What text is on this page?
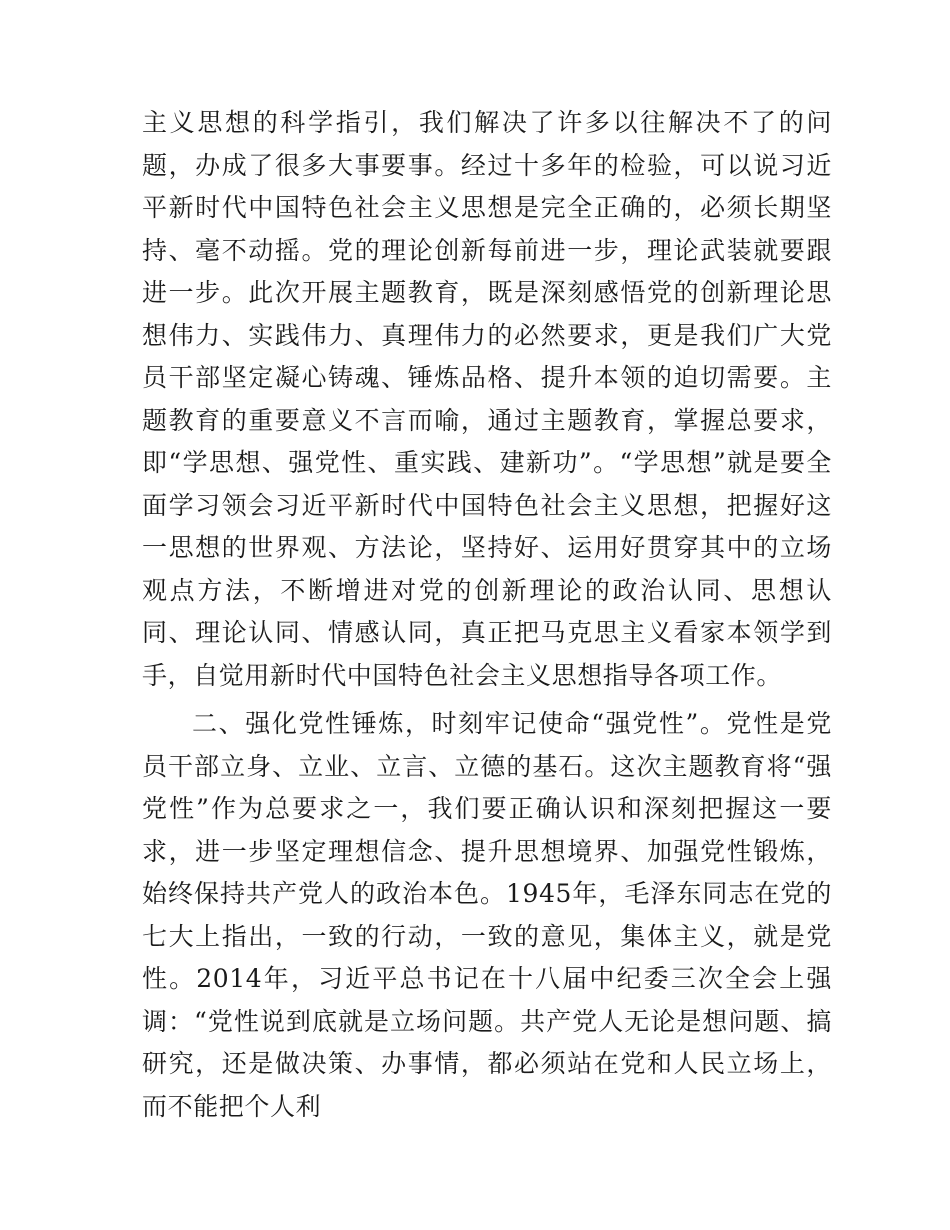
主义思想的科学指引，我们解决了许多以往解决不了的问题，办成了很多大事要事。经过十多年的检验，可以说习近平新时代中国特色社会主义思想是完全正确的，必须长期坚持、毫不动摇。党的理论创新每前进一步，理论武装就要跟进一步。此次开展主题教育，既是深刻感悟党的创新理论思想伟力、实践伟力、真理伟力的必然要求，更是我们广大党员干部坚定凝心铸魂、锤炼品格、提升本领的迫切需要。主题教育的重要意义不言而喻，通过主题教育，掌握总要求，即“学思想、强党性、重实践、建新功”。“学思想”就是要全面学习领会习近平新时代中国特色社会主义思想，把握好这一思想的世界观、方法论，坚持好、运用好贯穿其中的立场观点方法，不断增进对党的创新理论的政治认同、思想认同、理论认同、情感认同，真正把马克思主义看家本领学到手，自觉用新时代中国特色社会主义思想指导各项工作。

二、强化党性锤炼，时刻牢记使命“强党性”。党性是党员干部立身、立业、立言、立德的基石。这次主题教育将“强党性”作为总要求之一，我们要正确认识和深刻把握这一要求，进一步坚定理想信念、提升思想境界、加强党性锻炼，始终保持共产党人的政治本色。1945年，毛泽东同志在党的七大上指出，一致的行动，一致的意见，集体主义，就是党性。2014年，习近平总书记在十八届中纪委三次全会上强调：“党性说到底就是立场问题。共产党人无论是想问题、搞研究，还是做决策、办事情，都必须站在党和人民立场上，而不能把个人利
